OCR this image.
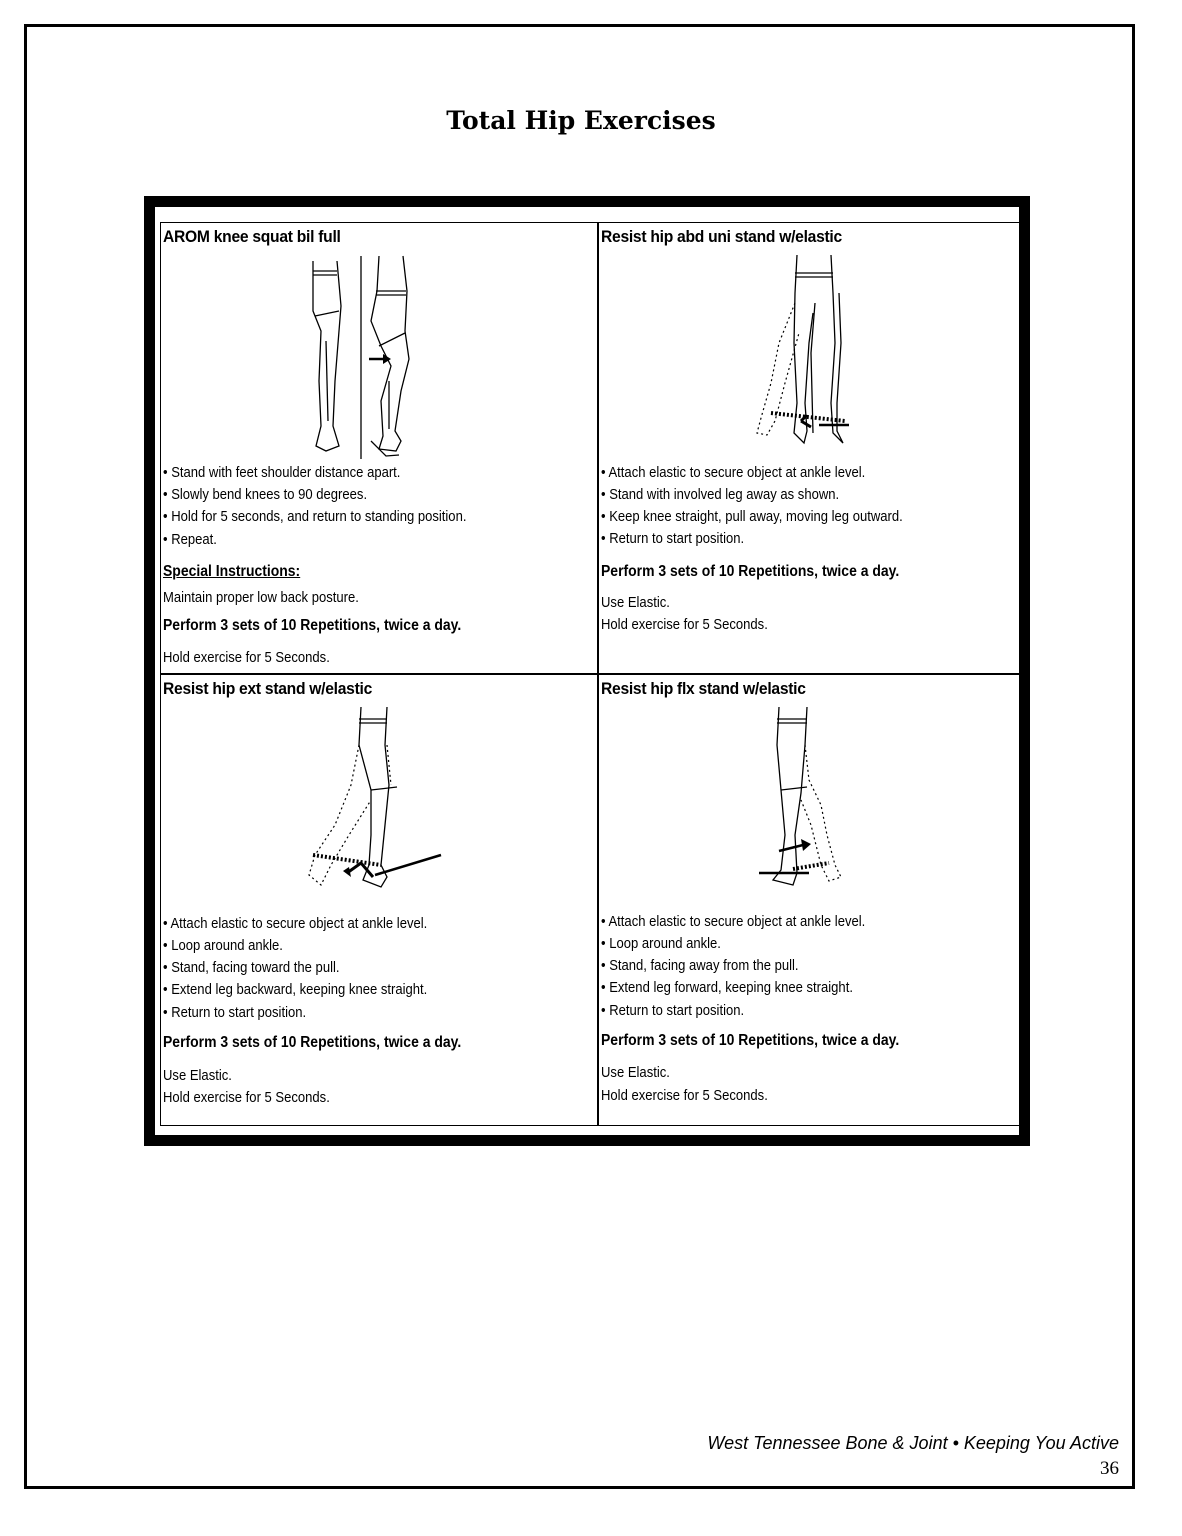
Total Hip Exercises
AROM knee squat bil full
• Stand with feet shoulder distance apart.
• Slowly bend knees to 90 degrees.
• Hold for 5 seconds, and return to standing position.
• Repeat.
Special Instructions:
Maintain proper low back posture.
Perform 3 sets of 10 Repetitions, twice a day.
Hold exercise for 5 Seconds.
Resist hip abd uni stand w/elastic
• Attach elastic to secure object at ankle level.
• Stand with involved leg away as shown.
• Keep knee straight, pull away, moving leg outward.
• Return to start position.
Perform 3 sets of 10 Repetitions, twice a day.
Use Elastic.
Hold exercise for 5 Seconds.
Resist hip ext stand w/elastic
• Attach elastic to secure object at ankle level.
• Loop around ankle.
• Stand, facing toward the pull.
• Extend leg backward, keeping knee straight.
• Return to start position.
Perform 3 sets of 10 Repetitions, twice a day.
Use Elastic.
Hold exercise for 5 Seconds.
Resist hip flx stand w/elastic
• Attach elastic to secure object at ankle level.
• Loop around ankle.
• Stand, facing away from the pull.
• Extend leg forward, keeping knee straight.
• Return to start position.
Perform 3 sets of 10 Repetitions, twice a day.
Use Elastic.
Hold exercise for 5 Seconds.
West Tennessee Bone & Joint • Keeping You Active
36
